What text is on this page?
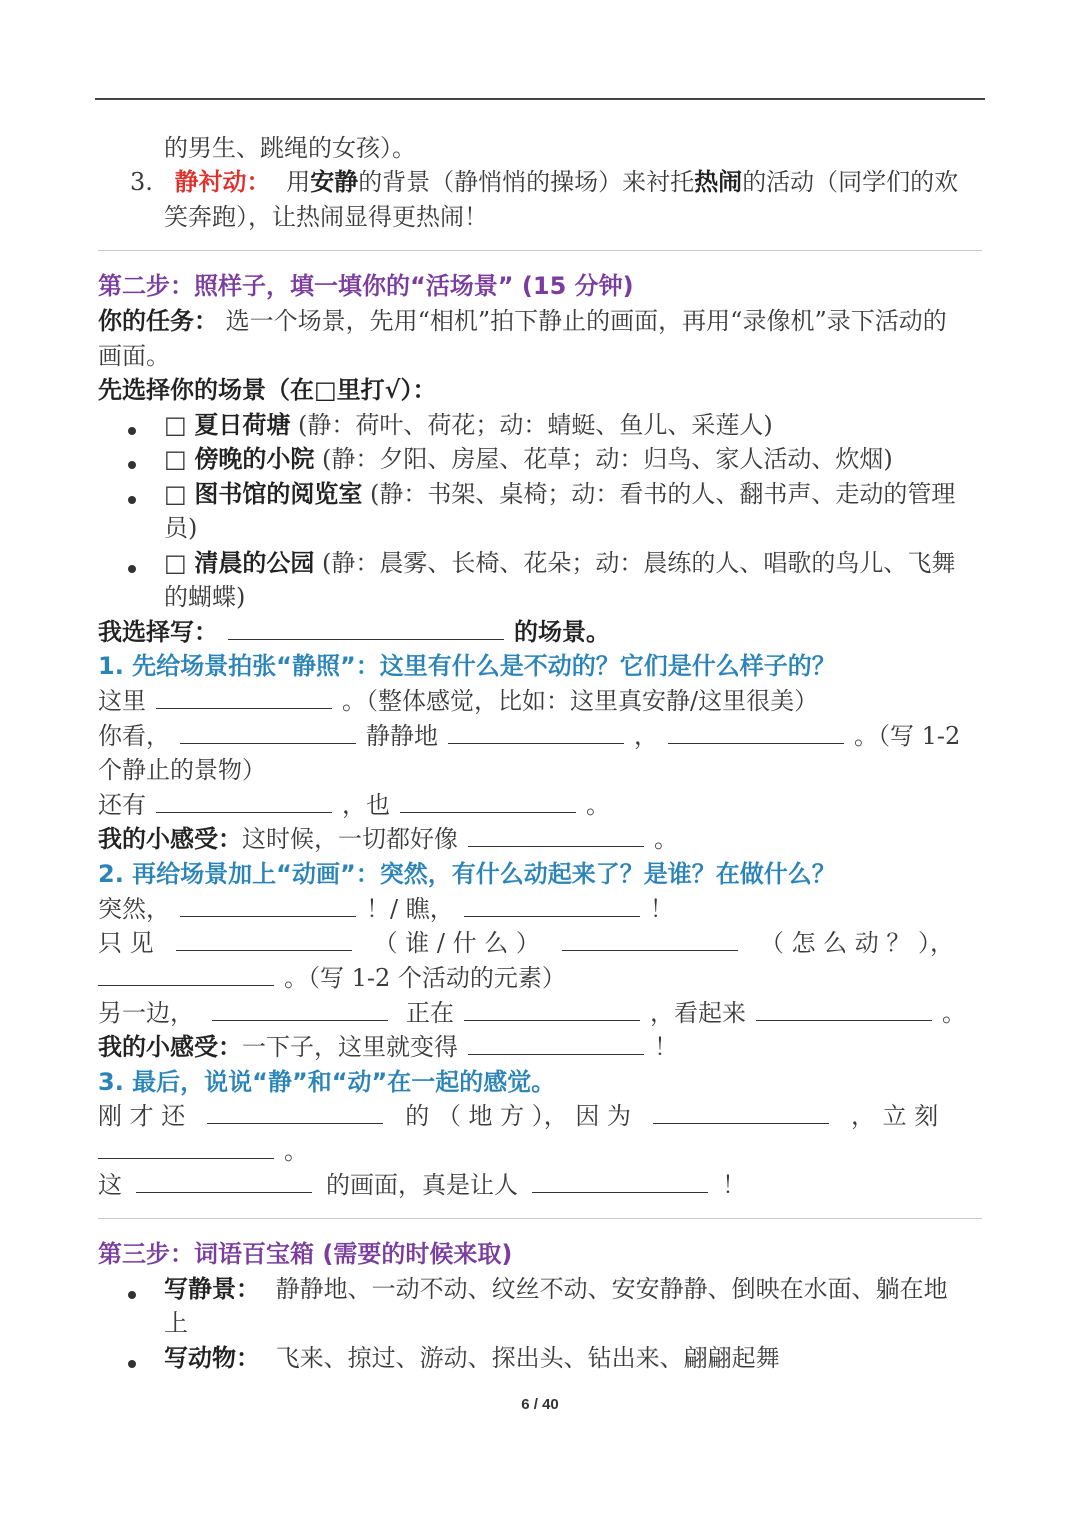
的男生、跳绳的女孩）。
3. 静衬动： 用安静的背景（静悄悄的操场）来衬托热闹的活动（同学们的欢
笑奔跑），让热闹显得更热闹！
第二步：照样子，填一填你的“活场景” (15 分钟)
你的任务： 选一个场景，先用“相机”拍下静止的画面，再用“录像机”录下活动的
画面。
先选择你的场景（在□里打√）：
□ 夏日荷塘 (静：荷叶、荷花；动：蜻蜓、鱼儿、采莲人)
□ 傍晚的小院 (静：夕阳、房屋、花草；动：归鸟、家人活动、炊烟)
□ 图书馆的阅览室 (静：书架、桌椅；动：看书的人、翻书声、走动的管理
员)
□ 清晨的公园 (静：晨雾、长椅、花朵；动：晨练的人、唱歌的鸟儿、飞舞
的蝴蝶)
我选择写：	的场景。
1. 先给场景拍张“静照”：这里有什么是不动的？它们是什么样子的？
这里	。（整体感觉，比如：这里真安静/这里很美）
你看，	静静地	，	。（写 1-2
个静止的景物）
还有	，也	。
我的小感受：这时候，一切都好像	。
2. 再给场景加上“动画”：突然，有什么动起来了？是谁？在做什么？
突然，	！/ 瞧，	！
只 见	（ 谁 / 什 么 ）	（ 怎 么 动 ？ ），
。（写 1-2 个活动的元素）
另一边，	正在	，看起来	。
我的小感受：一下子，这里就变得	！
3. 最后，说说“静”和“动”在一起的感觉。
刚 才 还	的 （ 地 方 ）， 因 为	， 立 刻
。
这	的画面，真是让人	！
第三步：词语百宝箱 (需要的时候来取)
写静景： 静静地、一动不动、纹丝不动、安安静静、倒映在水面、躺在地
上
写动物： 飞来、掠过、游动、探出头、钻出来、翩翩起舞
6 / 40
